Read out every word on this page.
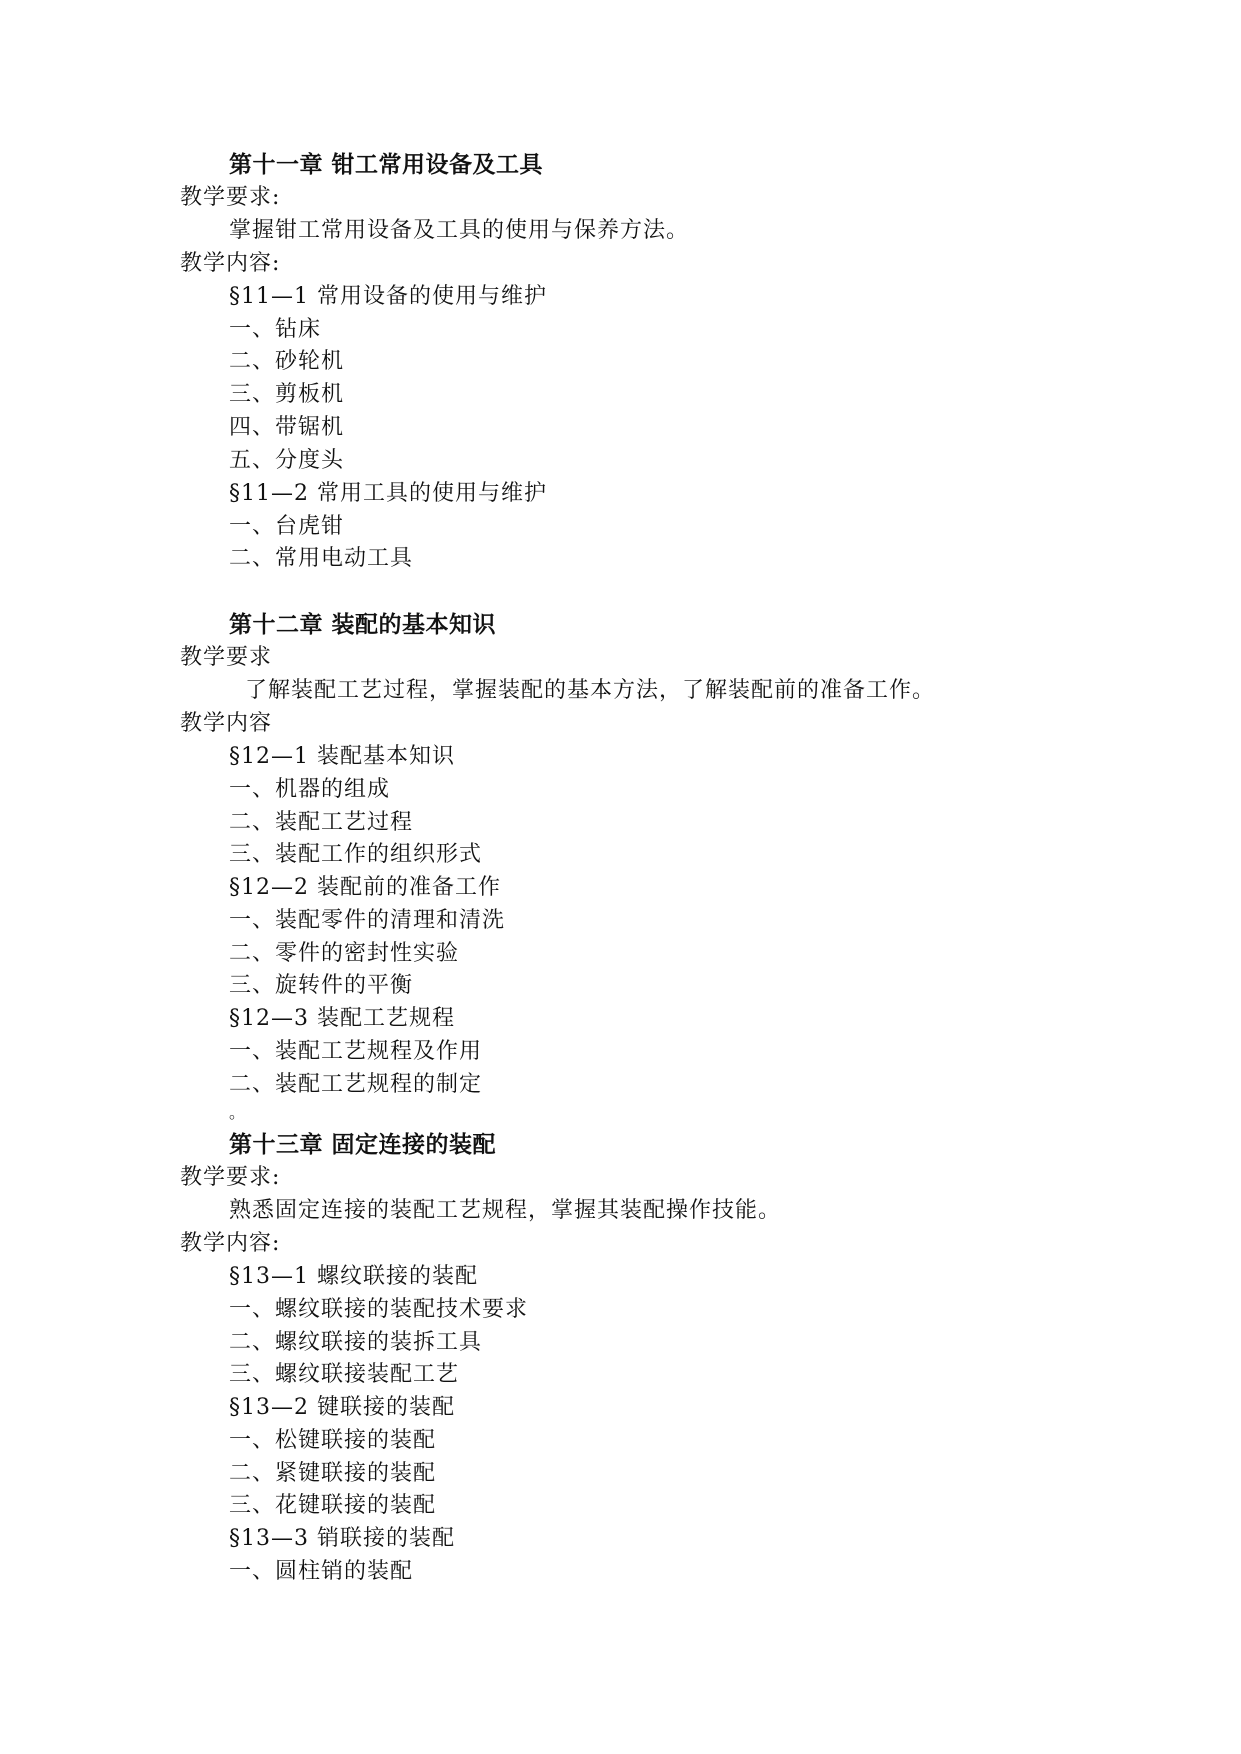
第十一章 钳工常用设备及工具
教学要求:
掌握钳工常用设备及工具的使用与保养方法。
教学内容:
§11—1 常用设备的使用与维护
一、钻床
二、砂轮机
三、剪板机
四、带锯机
五、分度头
§11—2 常用工具的使用与维护
一、台虎钳
二、常用电动工具
第十二章 装配的基本知识
教学要求
了解装配工艺过程，掌握装配的基本方法，了解装配前的准备工作。
教学内容
§12—1 装配基本知识
一、机器的组成
二、装配工艺过程
三、装配工作的组织形式
§12—2 装配前的准备工作
一、装配零件的清理和清洗
二、零件的密封性实验
三、旋转件的平衡
§12—3 装配工艺规程
一、装配工艺规程及作用
二、装配工艺规程的制定
。
第十三章 固定连接的装配
教学要求:
熟悉固定连接的装配工艺规程，掌握其装配操作技能。
教学内容:
§13—1 螺纹联接的装配
一、螺纹联接的装配技术要求
二、螺纹联接的装拆工具
三、螺纹联接装配工艺
§13—2 键联接的装配
一、松键联接的装配
二、紧键联接的装配
三、花键联接的装配
§13—3 销联接的装配
一、圆柱销的装配
